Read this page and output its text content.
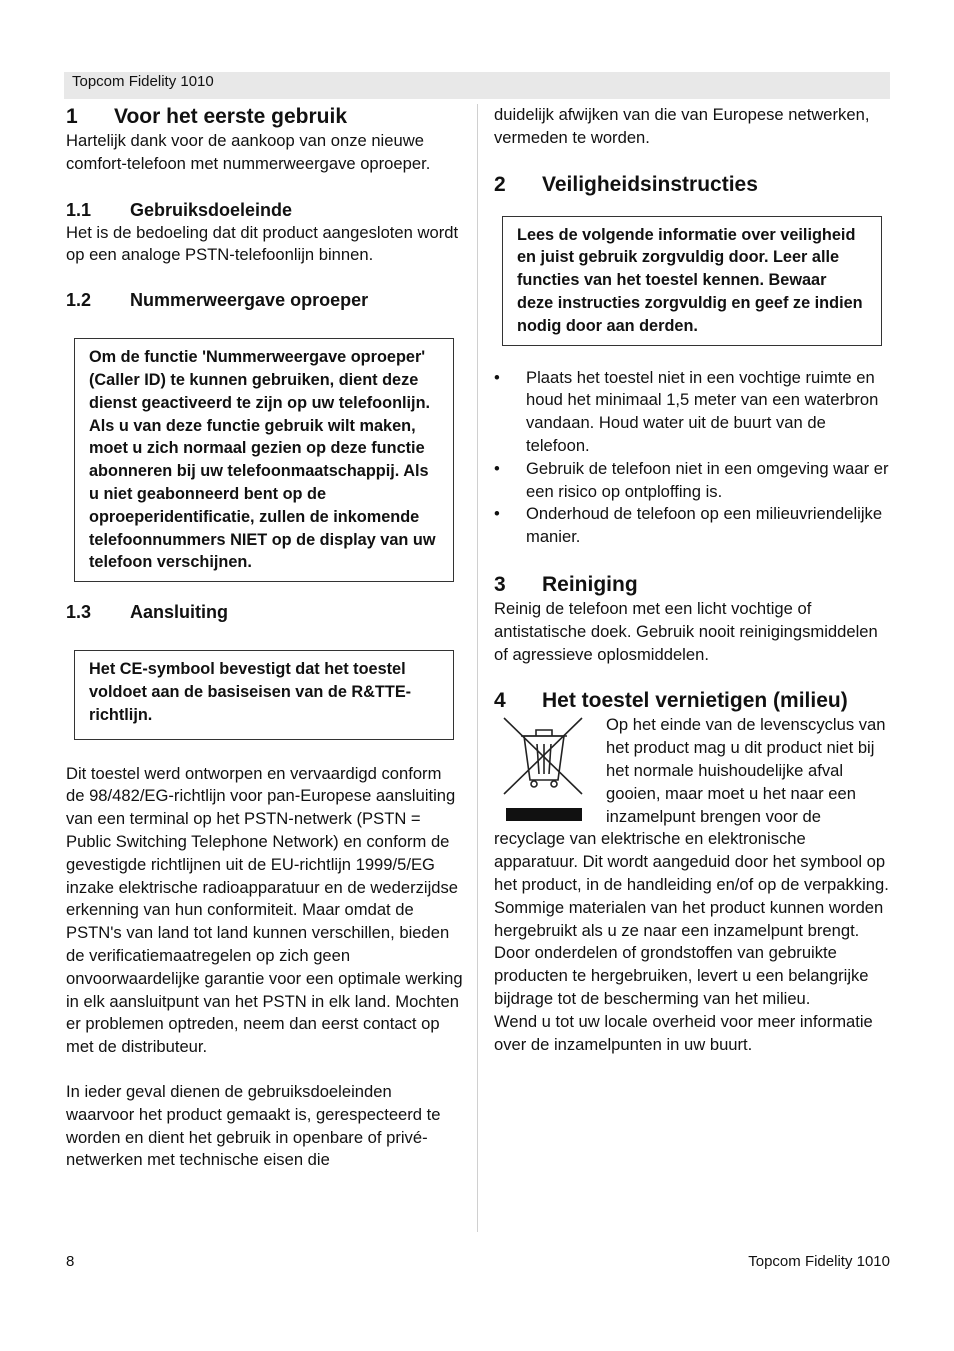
Topcom Fidelity 1010
1	Voor het eerste gebruik

Hartelijk dank voor de aankoop van onze nieuwe comfort-telefoon met nummerweergave oproeper.

1.1	Gebruiksdoeleinde

Het is de bedoeling dat dit product aangesloten wordt op een analoge PSTN-telefoonlijn binnen.

1.2	Nummerweergave oproeper
Om de functie 'Nummerweergave oproeper' (Caller ID) te kunnen gebruiken, dient deze dienst geactiveerd te zijn op uw telefoonlijn. Als u van deze functie gebruik wilt maken, moet u zich normaal gezien op deze functie abonneren bij uw telefoonmaatschappij. Als u niet geabonneerd bent op de oproeperidentificatie, zullen de inkomende telefoonnummers NIET op de display van uw telefoon verschijnen.
1.3	Aansluiting
Het CE-symbool bevestigt dat het toestel voldoet aan de basiseisen van de R&TTE-richtlijn.

Dit toestel werd ontworpen en vervaardigd conform de 98/482/EG-richtlijn voor pan-Europese aansluiting van een terminal op het PSTN-netwerk (PSTN = Public Switching Telephone Network) en conform de gevestigde richtlijnen uit de EU-richtlijn 1999/5/EG inzake elektrische radioapparatuur en de wederzijdse erkenning van hun conformiteit. Maar omdat de PSTN's van land tot land kunnen verschillen, bieden de verificatiemaatregelen op zich geen onvoorwaardelijke garantie voor een optimale werking in elk aansluitpunt van het PSTN in elk land. Mochten er problemen optreden, neem dan eerst contact op met de distributeur.

In ieder geval dienen de gebruiksdoeleinden waarvoor het product gemaakt is, gerespecteerd te worden en dient het gebruik in openbare of privé-netwerken met technische eisen die

duidelijk afwijken van die van Europese netwerken, vermeden te worden.

2	Veiligheidsinstructies
Lees de volgende informatie over veiligheid en juist gebruik zorgvuldig door. Leer alle functies van het toestel kennen. Bewaar deze instructies zorgvuldig en geef ze indien nodig door aan derden.
• Plaats het toestel niet in een vochtige ruimte en houd het minimaal 1,5 meter van een waterbron vandaan. Houd water uit de buurt van de telefoon.
• Gebruik de telefoon niet in een omgeving waar er een risico op ontploffing is.
• Onderhoud de telefoon op een milieuvriendelijke manier.
3	Reiniging

Reinig de telefoon met een licht vochtige of antistatische doek. Gebruik nooit reinigingsmiddelen of agressieve oplosmiddelen.

4	Het toestel vernietigen (milieu)

Op het einde van de levenscyclus van het product mag u dit product niet bij het normale huishoudelijke afval gooien, maar moet u het naar een inzamelpunt brengen voor de recyclage van elektrische en elektronische apparatuur. Dit wordt aangeduid door het symbool op het product, in de handleiding en/of op de verpakking.

Sommige materialen van het product kunnen worden hergebruikt als u ze naar een inzamelpunt brengt. Door onderdelen of grondstoffen van gebruikte producten te hergebruiken, levert u een belangrijke bijdrage tot de bescherming van het milieu.

Wend u tot uw locale overheid voor meer informatie over de inzamelpunten in uw buurt.

8	Topcom Fidelity 1010
